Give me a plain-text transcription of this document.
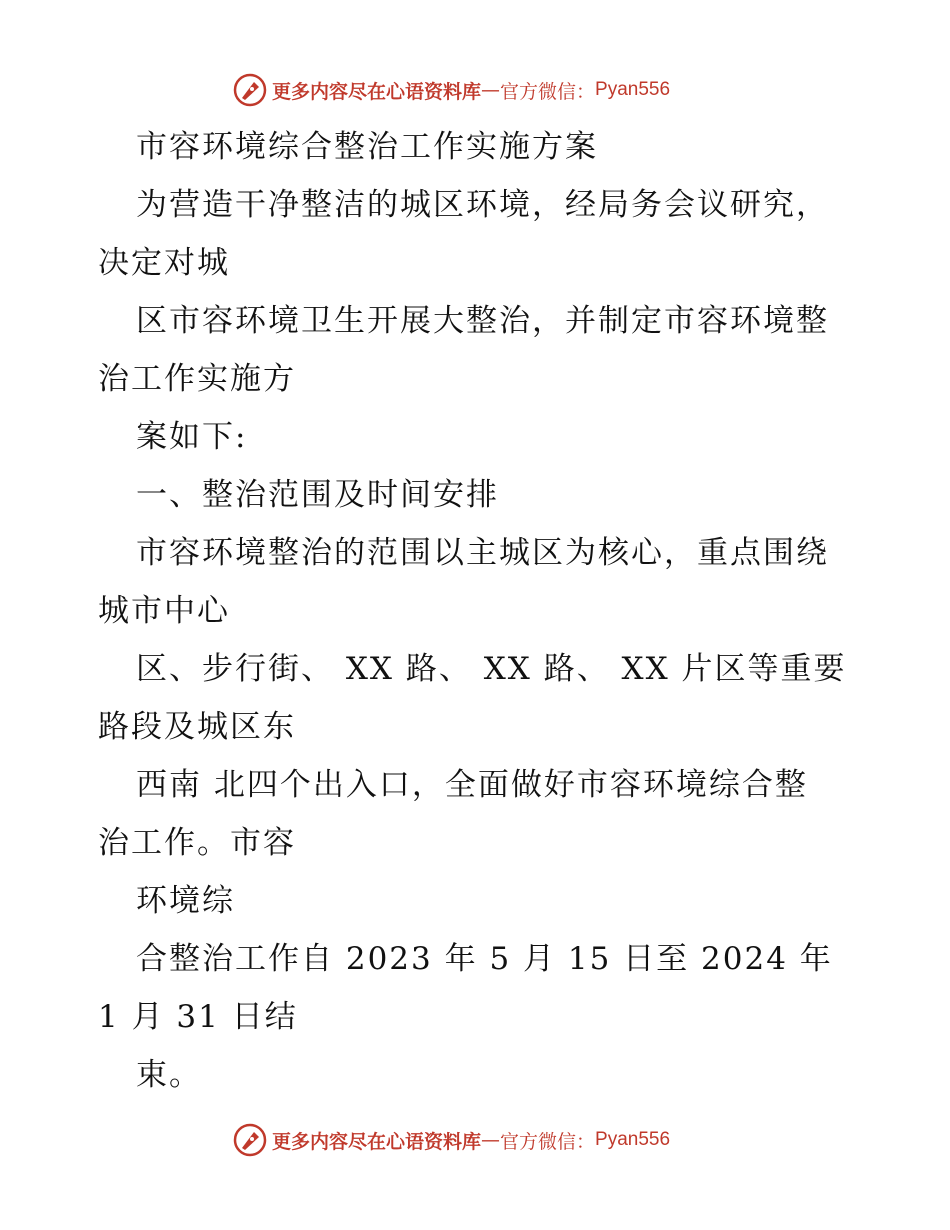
更多内容尽在心语资料库 — 官方微信： Pyan556
市容环境综合整治工作实施方案
为营造干净整洁的城区环境，经局务会议研究，
决定对城
区市容环境卫生开展大整治，并制定市容环境整
治工作实施方
案如下:
一、整治范围及时间安排
市容环境整治的范围以主城区为核心，重点围绕
城市中心
区、步行街、 XX 路、 XX 路、 XX 片区等重要
路段及城区东
西南 北四个出入口，全面做好市容环境综合整
治工作。市容
环境综
合整治工作自 2023 年 5 月 15 日至 2024 年
1 月 31 日结
束。
更多内容尽在心语资料库 — 官方微信： Pyan556
